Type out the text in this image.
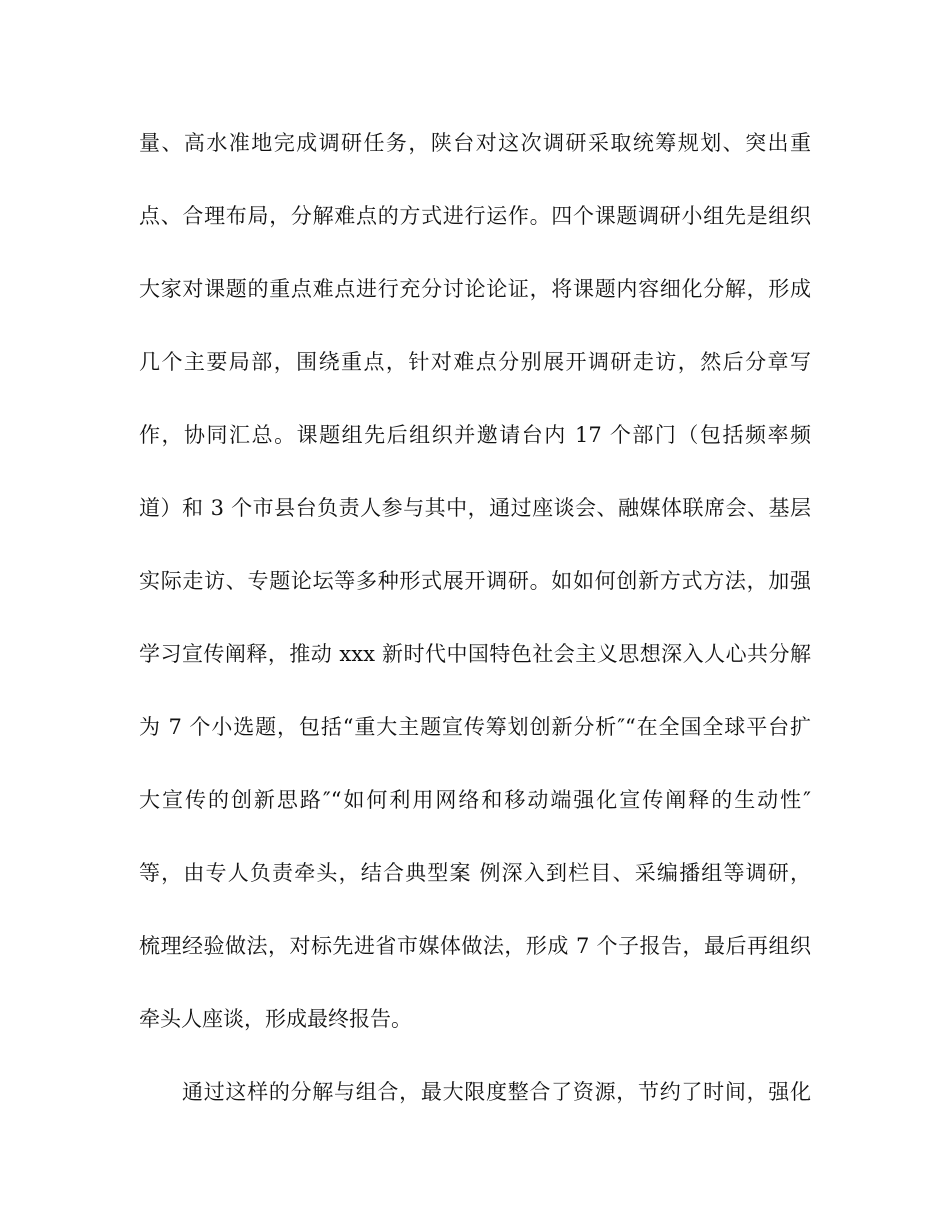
量、高水准地完成调研任务，陕台对这次调研采取统筹规划、突出重
点、合理布局，分解难点的方式进行运作。四个课题调研小组先是组织
大家对课题的重点难点进行充分讨论论证，将课题内容细化分解，形成
几个主要局部，围绕重点，针对难点分别展开调研走访，然后分章写
作，协同汇总。课题组先后组织并邀请台内 17 个部门（包括频率频
道）和 3 个市县台负责人参与其中，通过座谈会、融媒体联席会、基层
实际走访、专题论坛等多种形式展开调研。如如何创新方式方法，加强
学习宣传阐释，推动 xxx 新时代中国特色社会主义思想深入人心共分解
为 7 个小选题，包括“重大主题宣传筹划创新分析″“在全国全球平台扩
大宣传的创新思路″“如何利用网络和移动端强化宣传阐释的生动性″
等，由专人负责牵头，结合典型案 例深入到栏目、采编播组等调研，
梳理经验做法，对标先进省市媒体做法，形成 7 个子报告，最后再组织
牵头人座谈，形成最终报告。
通过这样的分解与组合，最大限度整合了资源，节约了时间，强化
